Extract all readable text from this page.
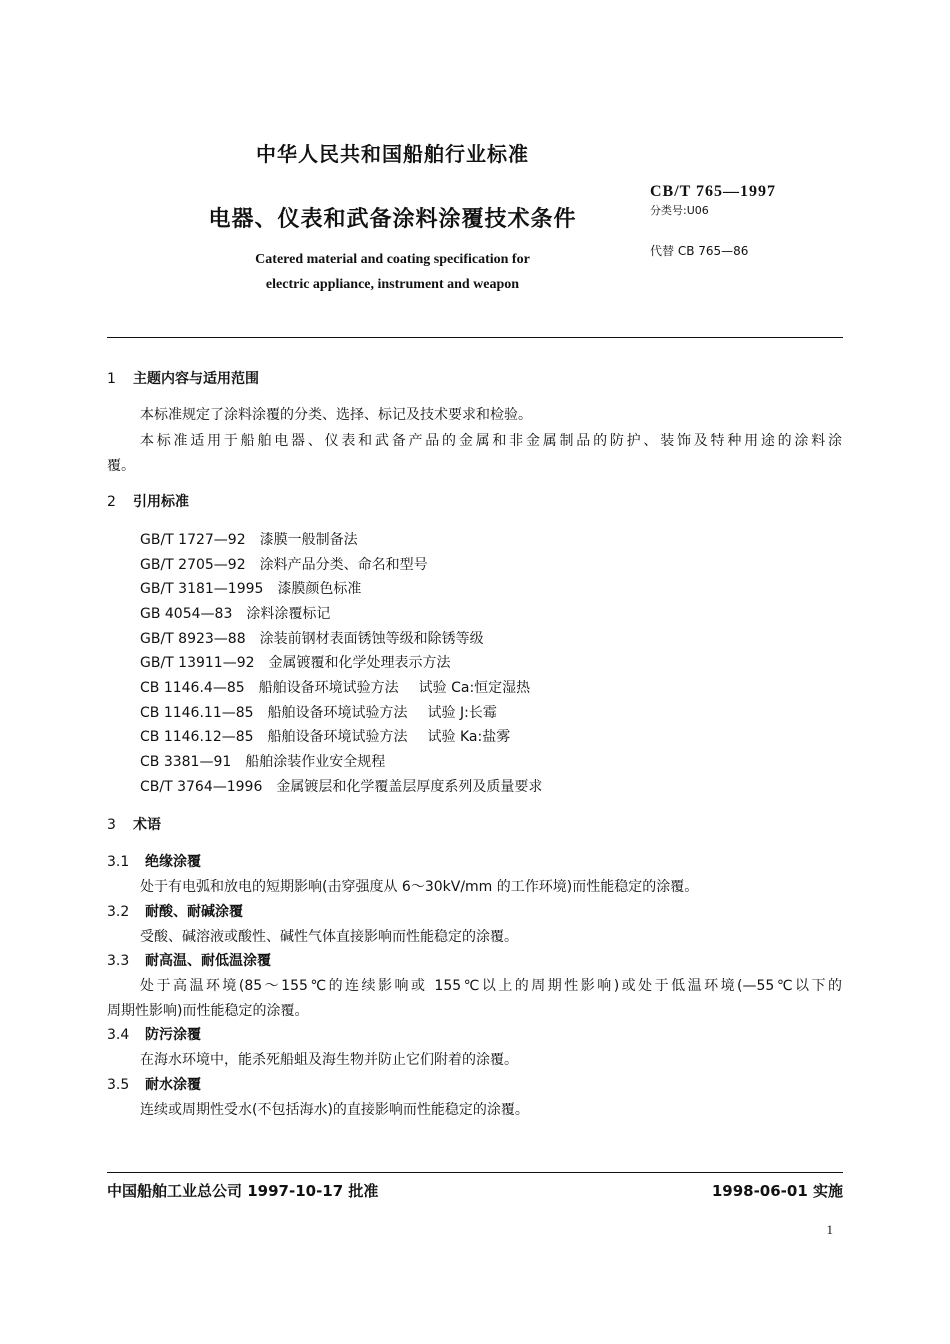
中华人民共和国船舶行业标准
电器、仪表和武备涂料涂覆技术条件
Catered material and coating specification for
electric appliance, instrument and weapon
CB/T 765—1997
分类号:U06
代替 CB 765—86
1 主题内容与适用范围
本标准规定了涂料涂覆的分类、选择、标记及技术要求和检验。
本标准适用于船舶电器、仪表和武备产品的金属和非金属制品的防护、装饰及特种用途的涂料涂
覆。
2 引用标准
GB/T 1727—92 漆膜一般制备法
GB/T 2705—92 涂料产品分类、命名和型号
GB/T 3181—1995 漆膜颜色标准
GB 4054—83 涂料涂覆标记
GB/T 8923—88 涂装前钢材表面锈蚀等级和除锈等级
GB/T 13911—92 金属镀覆和化学处理表示方法
CB 1146.4—85 船舶设备环境试验方法 试验 Ca:恒定湿热
CB 1146.11—85 船舶设备环境试验方法 试验 J:长霉
CB 1146.12—85 船舶设备环境试验方法 试验 Ka:盐雾
CB 3381—91 船舶涂装作业安全规程
CB/T 3764—1996 金属镀层和化学覆盖层厚度系列及质量要求
3 术语
3.1 绝缘涂覆
处于有电弧和放电的短期影响(击穿强度从 6～30kV/mm 的工作环境)而性能稳定的涂覆。
3.2 耐酸、耐碱涂覆
受酸、碱溶液或酸性、碱性气体直接影响而性能稳定的涂覆。
3.3 耐高温、耐低温涂覆
处于高温环境(85～155℃的连续影响或 155℃以上的周期性影响)或处于低温环境(—55℃以下的
周期性影响)而性能稳定的涂覆。
3.4 防污涂覆
在海水环境中，能杀死船蛆及海生物并防止它们附着的涂覆。
3.5 耐水涂覆
连续或周期性受水(不包括海水)的直接影响而性能稳定的涂覆。
中国船舶工业总公司 1997-10-17 批准	1998-06-01 实施
1
